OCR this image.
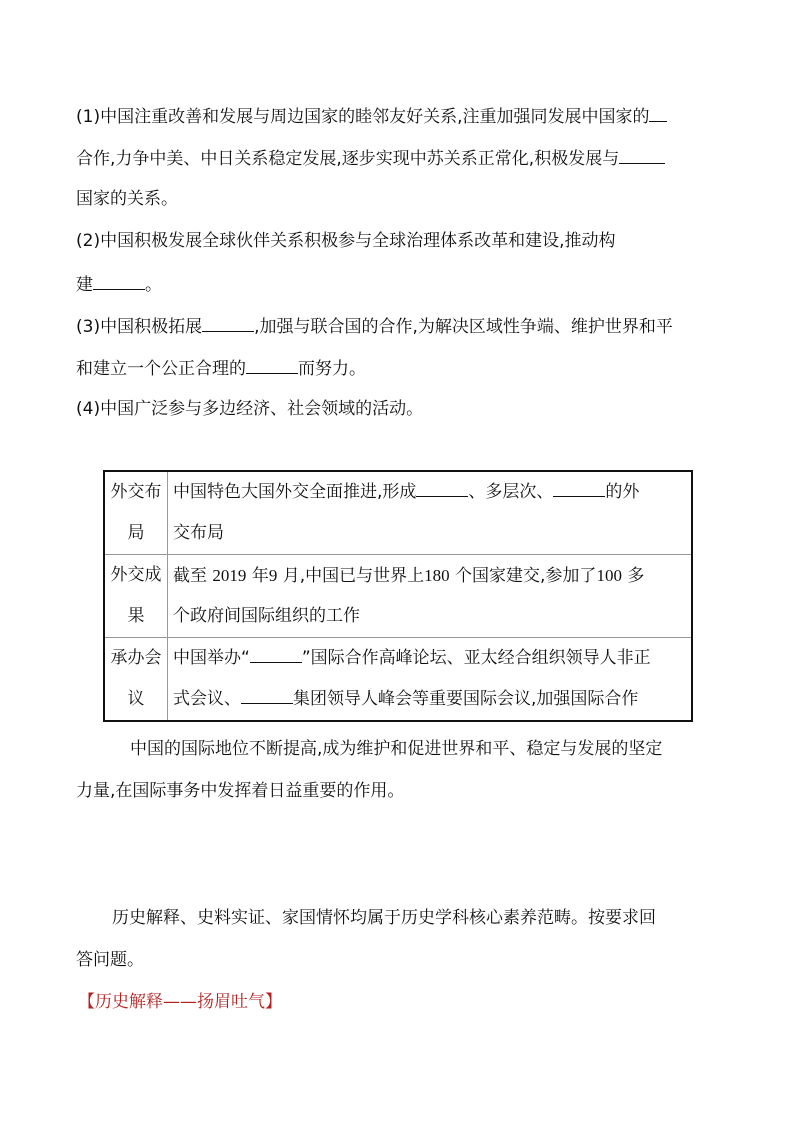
(1)中国注重改善和发展与周边国家的睦邻友好关系,注重加强同发展中国家的
合作,力争中美、中日关系稳定发展,逐步实现中苏关系正常化,积极发展与
国家的关系。
(2)中国积极发展全球伙伴关系积极参与全球治理体系改革和建设,推动构
建	。
(3)中国积极拓展	,加强与联合国的合作,为解决区域性争端、维护世界和平
和建立一个公正合理的	而努力。
(4)中国广泛参与多边经济、社会领域的活动。
外交布
局	中国特色大国外交全面推进,形成 、多层次、 的外
交布局

外交成
果	截至 2019 年9 月,中国已与世界上180 个国家建交,参加了100 多
个政府间国际组织的工作

承办会
议	中国举办“ ”国际合作高峰论坛、亚太经合组织领导人非正
式会议、 集团领导人峰会等重要国际会议,加强国际合作
中国的国际地位不断提高,成为维护和促进世界和平、稳定与发展的坚定
力量,在国际事务中发挥着日益重要的作用。
历史解释、史料实证、家国情怀均属于历史学科核心素养范畴。按要求回
答问题。
【历史解释——扬眉吐气】
